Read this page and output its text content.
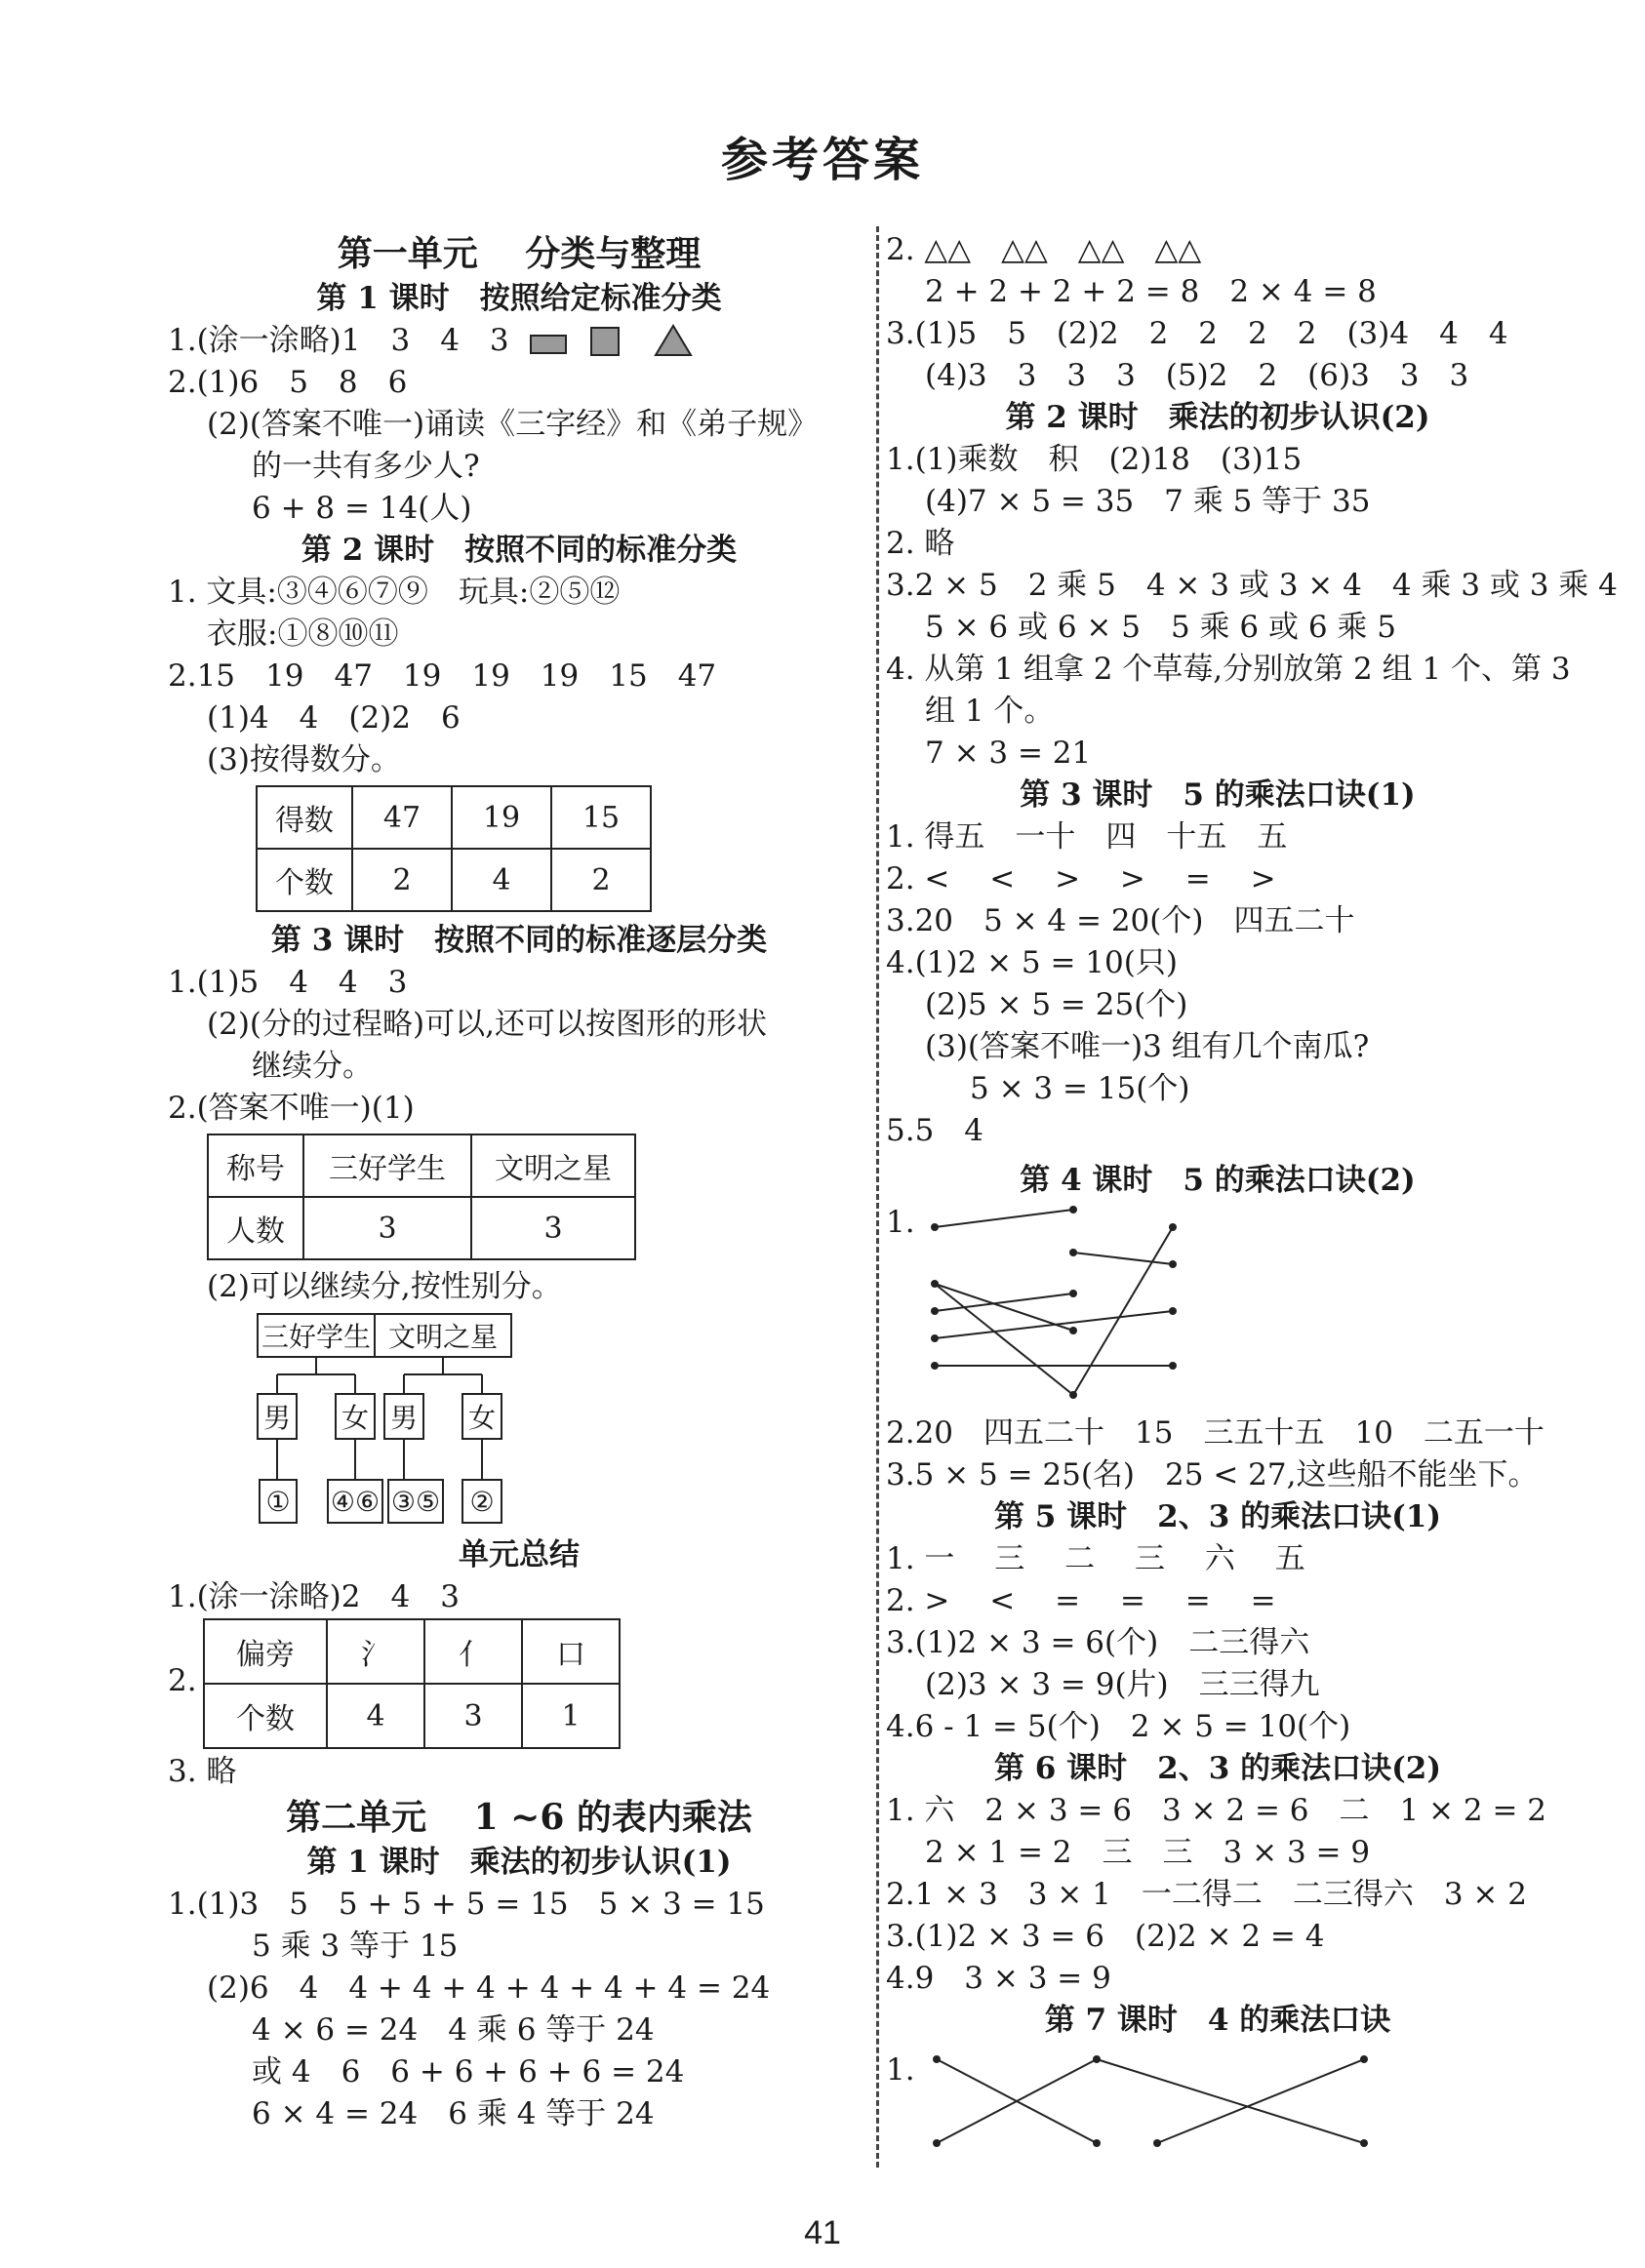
参考答案
第一单元　 分类与整理
第 1 课时　按照给定标准分类
1.(涂一涂略)1　3　4　3
2.(1)6　5　8　6
(2)(答案不唯一)诵读《三字经》和《弟子规》
的一共有多少人?
6 + 8 = 14(人)
第 2 课时　按照不同的标准分类
1. 文具:③④⑥⑦⑨　玩具:②⑤⑫
衣服:①⑧⑩⑪
2.15　19　47　19　19　19　15　47
(1)4　4　(2)2　6
(3)按得数分。
得数	47	19	15
个数	2	4	2
第 3 课时　按照不同的标准逐层分类
1.(1)5　4　4　3
(2)(分的过程略)可以,还可以按图形的形状
继续分。
2.(答案不唯一)(1)
称号	三好学生	文明之星
人数	3	3
(2)可以继续分,按性别分。
三好学生 文明之星
男 女 男 女
① ④⑥ ③⑤ ②
单元总结
1.(涂一涂略)2　4　3
2.
偏旁	氵	亻	口
个数	4	3	1
3. 略
第二单元　 1 ~6 的表内乘法
第 1 课时　乘法的初步认识(1)
1.(1)3　5　5 + 5 + 5 = 15　5 × 3 = 15
5 乘 3 等于 15
(2)6　4　4 + 4 + 4 + 4 + 4 + 4 = 24
4 × 6 = 24　4 乘 6 等于 24
或 4　6　6 + 6 + 6 + 6 = 24
6 × 4 = 24　6 乘 4 等于 24
2. △△　△△　△△　△△
2 + 2 + 2 + 2 = 8　2 × 4 = 8
3.(1)5　5　(2)2　2　2　2　2　(3)4　4　4
(4)3　3　3　3　(5)2　2　(6)3　3　3
第 2 课时　乘法的初步认识(2)
1.(1)乘数　积　(2)18　(3)15
(4)7 × 5 = 35　7 乘 5 等于 35
2. 略
3.2 × 5　2 乘 5　4 × 3 或 3 × 4　4 乘 3 或 3 乘 4
5 × 6 或 6 × 5　5 乘 6 或 6 乘 5
4. 从第 1 组拿 2 个草莓,分别放第 2 组 1 个、第 3
组 1 个。
7 × 3 = 21
第 3 课时　5 的乘法口诀(1)
1. 得五　一十　四　十五　五
2. <　 <　 >　 >　 =　 >
3.20　5 × 4 = 20(个)　四五二十
4.(1)2 × 5 = 10(只)
(2)5 × 5 = 25(个)
(3)(答案不唯一)3 组有几个南瓜?
5 × 3 = 15(个)
5.5　4
第 4 课时　5 的乘法口诀(2)
1.
2.20　四五二十　15　三五十五　10　二五一十
3.5 × 5 = 25(名)　25 < 27,这些船不能坐下。
第 5 课时　2、3 的乘法口诀(1)
1. 一　 三　 二　 三　 六　 五
2. >　 <　 =　 =　 =　 =
3.(1)2 × 3 = 6(个)　二三得六
(2)3 × 3 = 9(片)　三三得九
4.6 - 1 = 5(个)　2 × 5 = 10(个)
第 6 课时　2、3 的乘法口诀(2)
1. 六　2 × 3 = 6　3 × 2 = 6　二　1 × 2 = 2
2 × 1 = 2　三　三　3 × 3 = 9
2.1 × 3　3 × 1　一二得二　二三得六　3 × 2
3.(1)2 × 3 = 6　(2)2 × 2 = 4
4.9　3 × 3 = 9
第 7 课时　4 的乘法口诀
1.
41
